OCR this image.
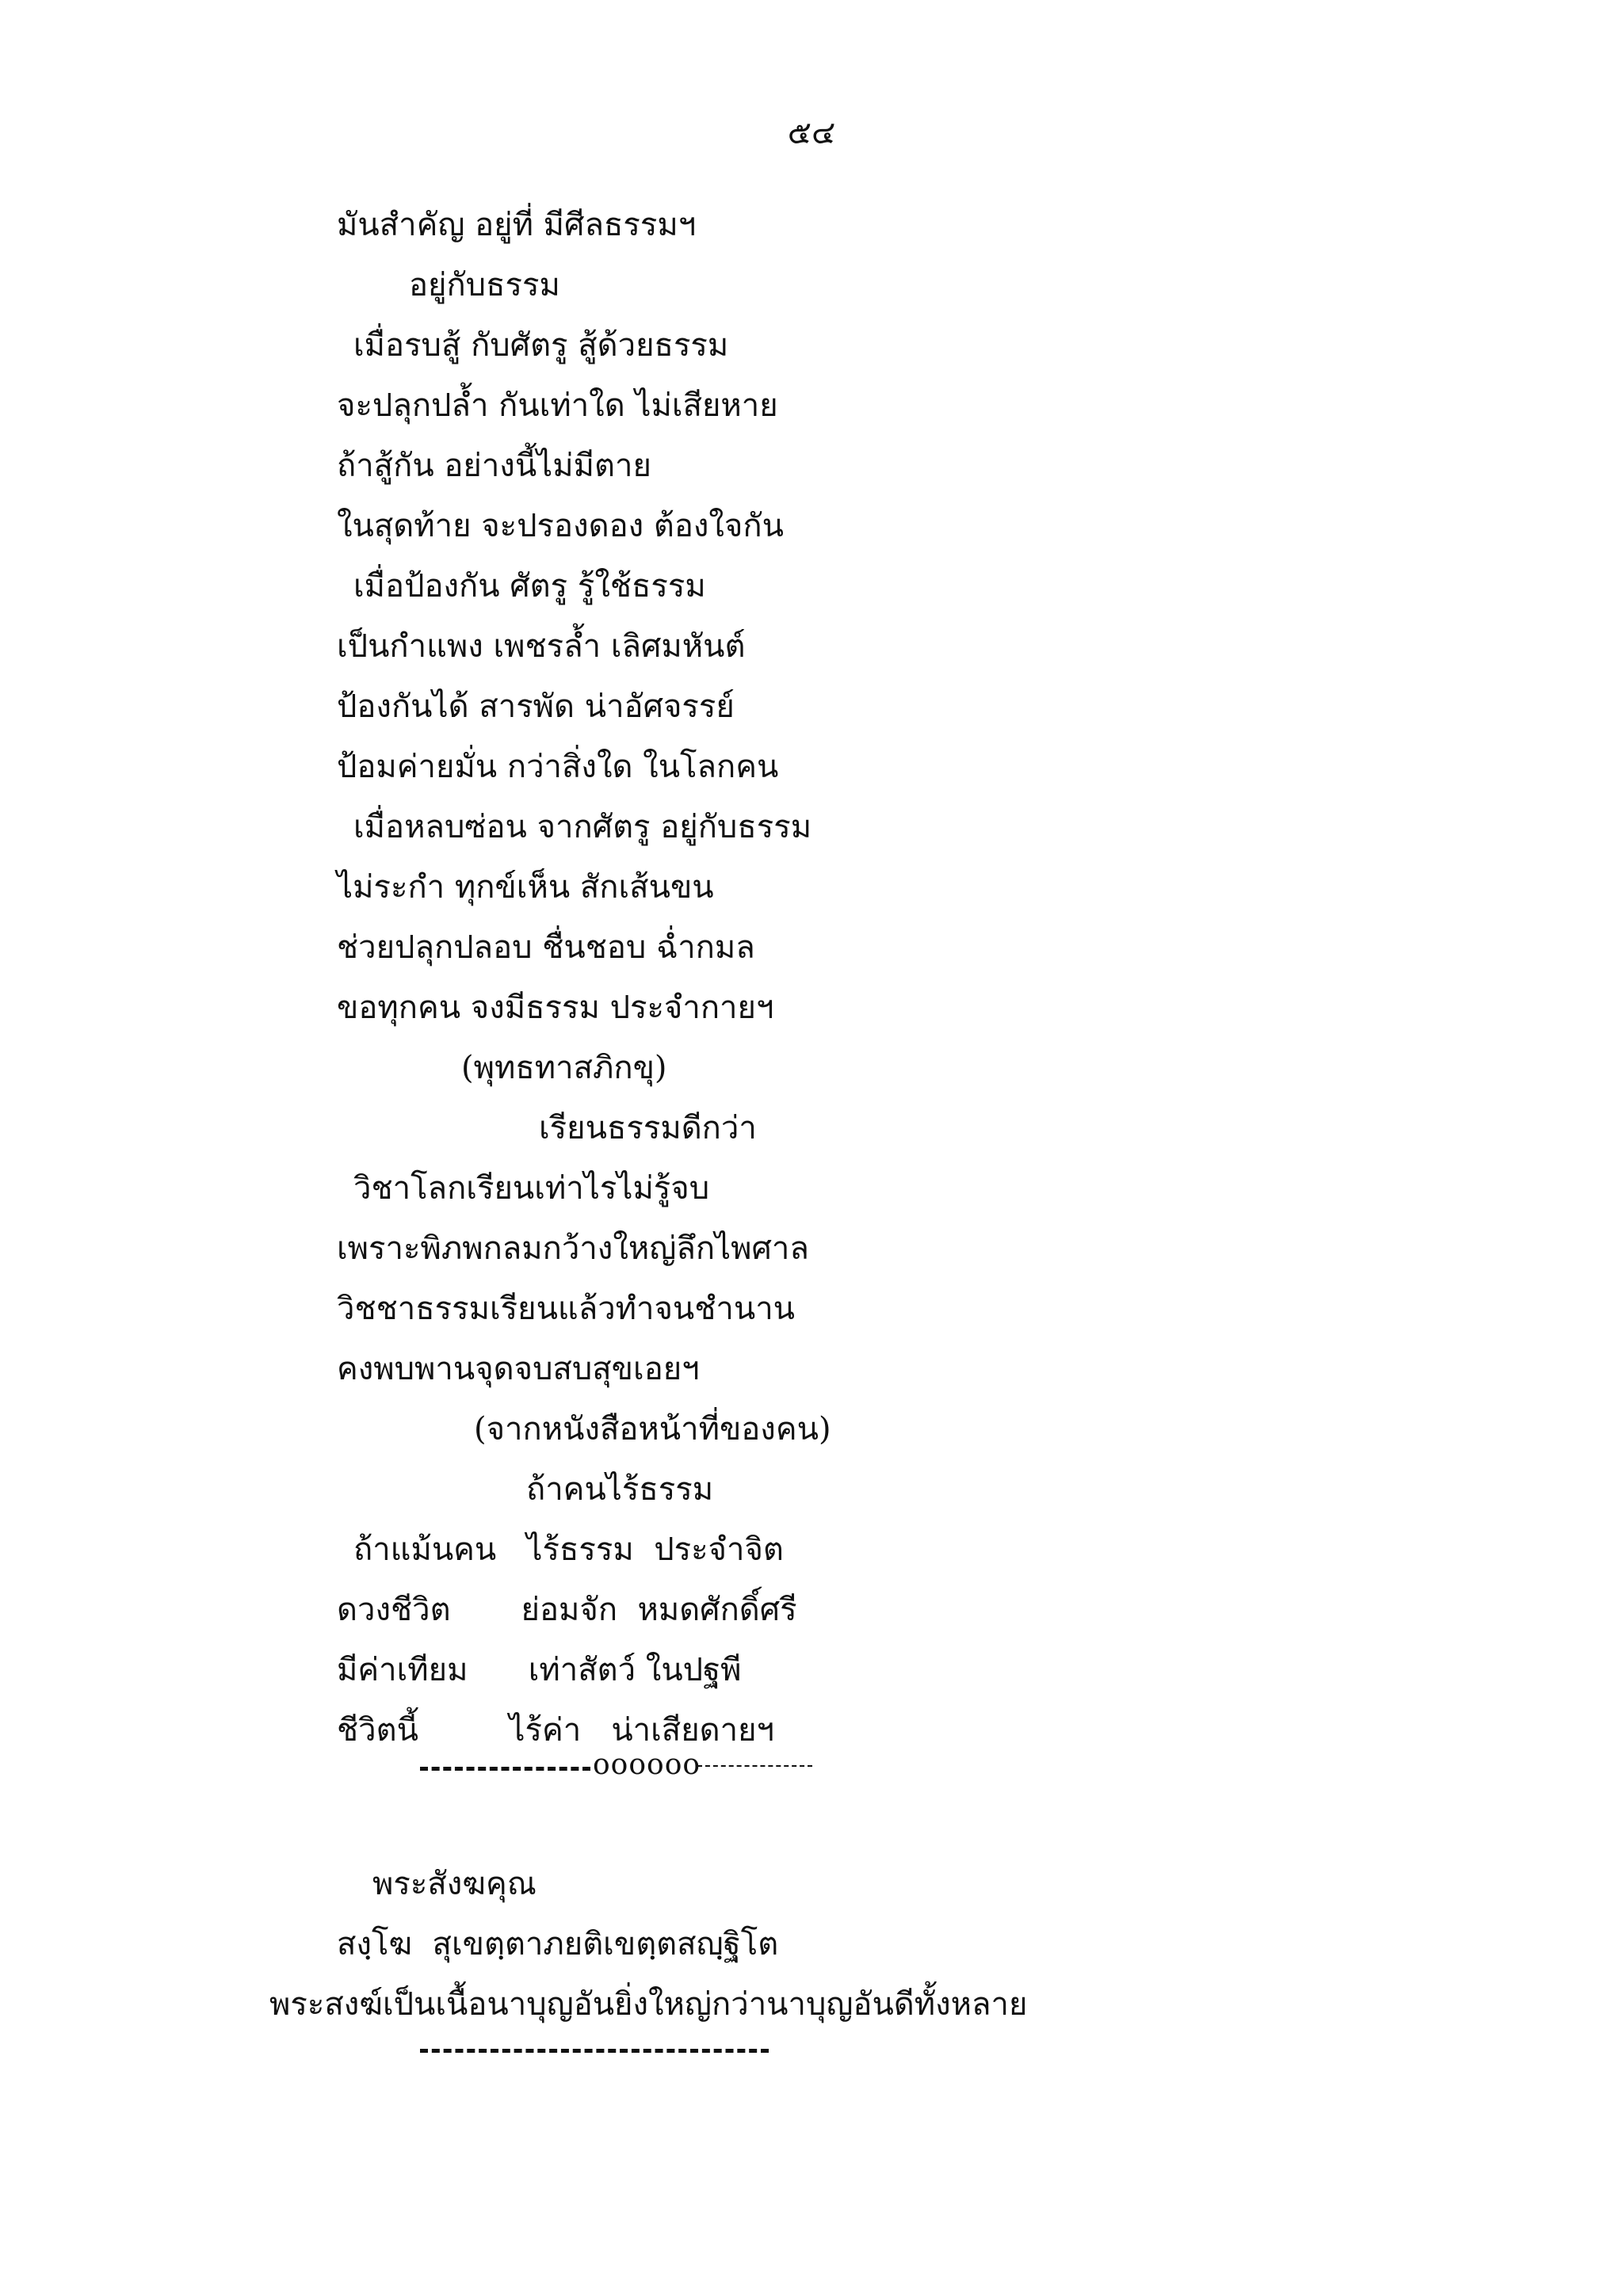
๕๔
มันสำคัญ อยู่ที่ มีศีลธรรมฯ
อยู่กับธรรม
เมื่อรบสู้ กับศัตรู สู้ด้วยธรรม
จะปลุกปล้ำ กันเท่าใด ไม่เสียหาย
ถ้าสู้กัน อย่างนี้ไม่มีตาย
ในสุดท้าย จะปรองดอง ต้องใจกัน
เมื่อป้องกัน ศัตรู รู้ใช้ธรรม
เป็นกำแพง เพชรล้ำ เลิศมหันต์
ป้องกันได้ สารพัด น่าอัศจรรย์
ป้อมค่ายมั่น กว่าสิ่งใด ในโลกคน
เมื่อหลบซ่อน จากศัตรู อยู่กับธรรม
ไม่ระกำ ทุกข์เห็น สักเส้นขน
ช่วยปลุกปลอบ ชื่นชอบ ฉ่ำกมล
ขอทุกคน จงมีธรรม ประจำกายฯ
(พุทธทาสภิกขุ)
เรียนธรรมดีกว่า
วิชาโลกเรียนเท่าไรไม่รู้จบ
เพราะพิภพกลมกว้างใหญ่ลึกไพศาล
วิชชาธรรมเรียนแล้วทำจนชำนาน
คงพบพานจุดจบสบสุขเอยฯ
(จากหนังสือหน้าที่ของคน)
ถ้าคนไร้ธรรม
ถ้าแม้นคน   ไร้ธรรม  ประจำจิต
ดวงชีวิต       ย่อมจัก  หมดศักดิ์ศรี
มีค่าเทียม      เท่าสัตว์ ในปฐพี
ชีวิตนี้         ไร้ค่า   น่าเสียดายฯ
oooooo
พระสังฆคุณ
สงฺโฆ  สุเขตฺตาภยติเขตฺตสญฺฐิโต
พระสงฆ์เป็นเนื้อนาบุญอันยิ่งใหญ่กว่านาบุญอันดีทั้งหลาย
